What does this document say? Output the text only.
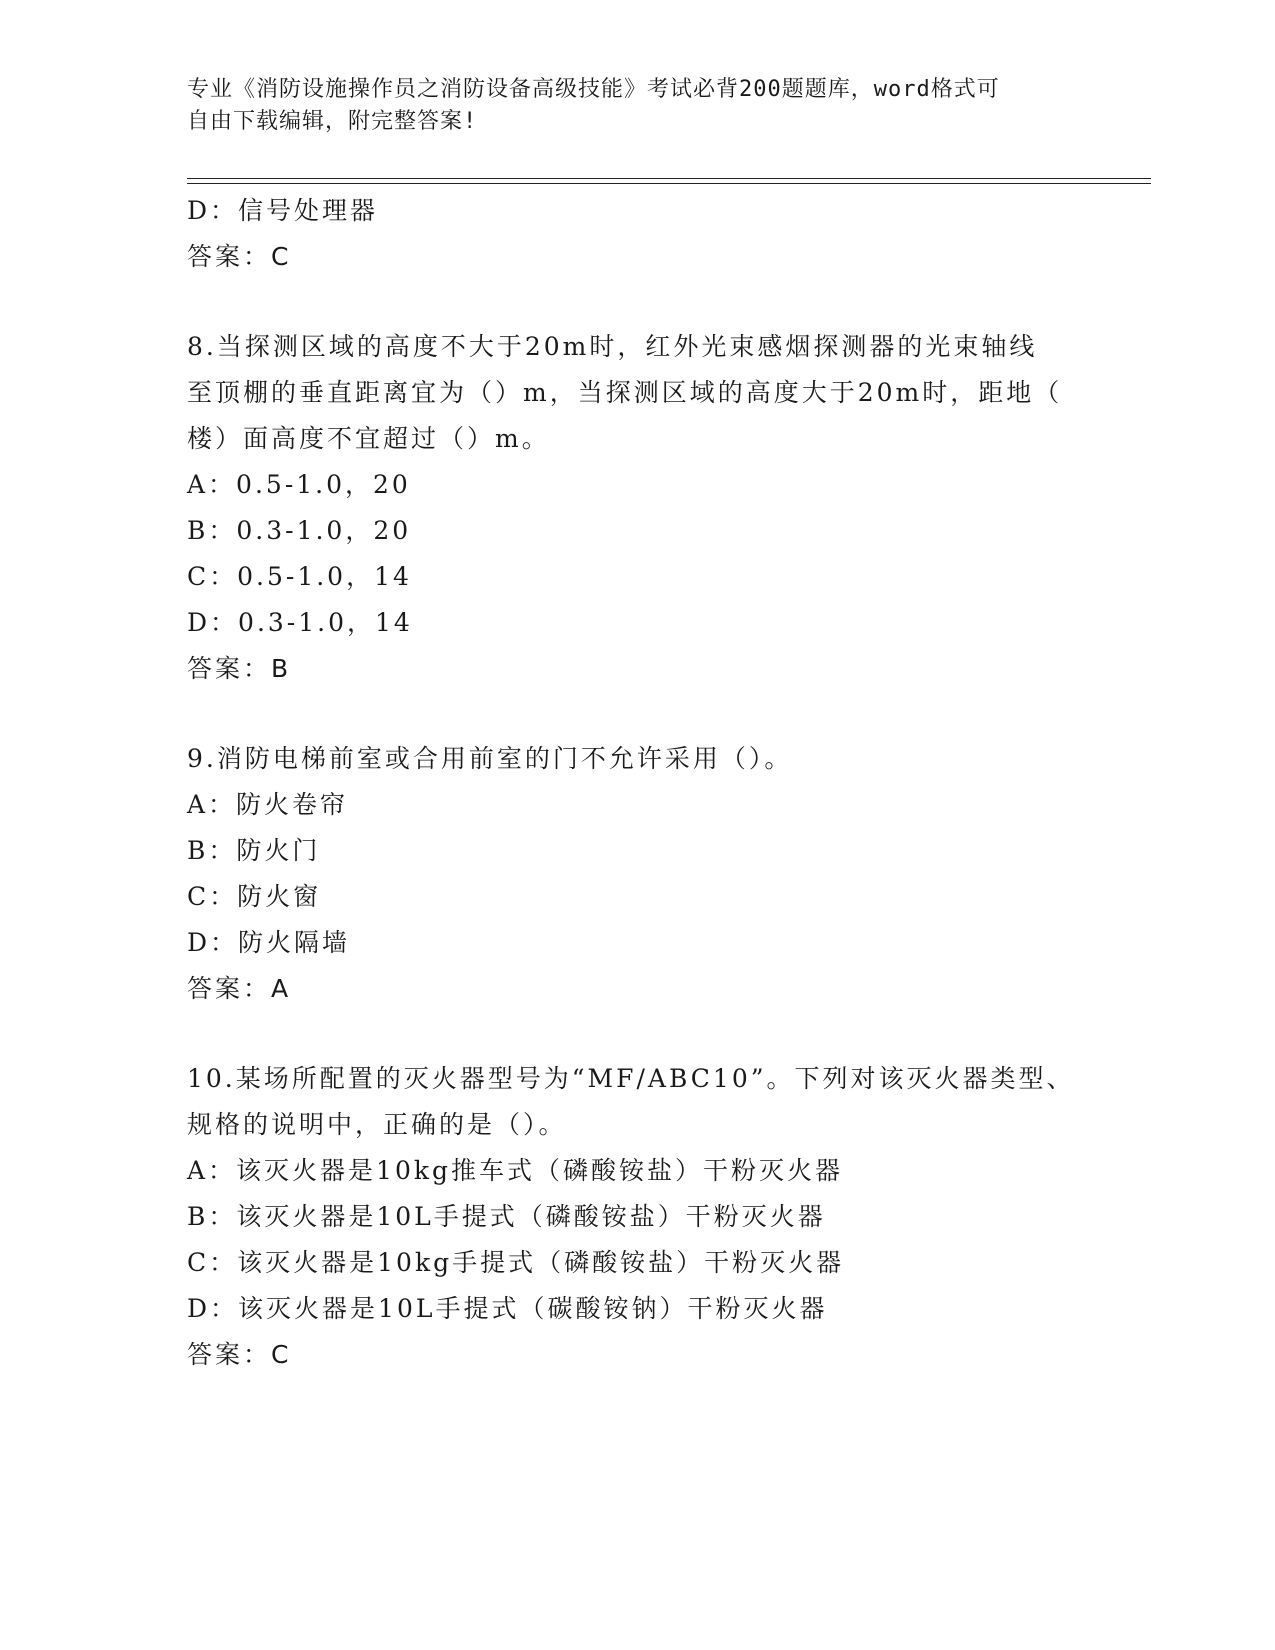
专业《消防设施操作员之消防设备高级技能》考试必背200题题库，word格式可
自由下载编辑，附完整答案!
D：信号处理器
答案：C
8.当探测区域的高度不大于20m时，红外光束感烟探测器的光束轴线
至顶棚的垂直距离宜为（）m，当探测区域的高度大于20m时，距地（
楼）面高度不宜超过（）m。
A：0.5-1.0，20
B：0.3-1.0，20
C：0.5-1.0，14
D：0.3-1.0，14
答案：B
9.消防电梯前室或合用前室的门不允许采用（）。
A：防火卷帘
B：防火门
C：防火窗
D：防火隔墙
答案：A
10.某场所配置的灭火器型号为“MF/ABC10”。下列对该灭火器类型、
规格的说明中，正确的是（）。
A：该灭火器是10kg推车式（磷酸铵盐）干粉灭火器
B：该灭火器是10L手提式（磷酸铵盐）干粉灭火器
C：该灭火器是10kg手提式（磷酸铵盐）干粉灭火器
D：该灭火器是10L手提式（碳酸铵钠）干粉灭火器
答案：C
